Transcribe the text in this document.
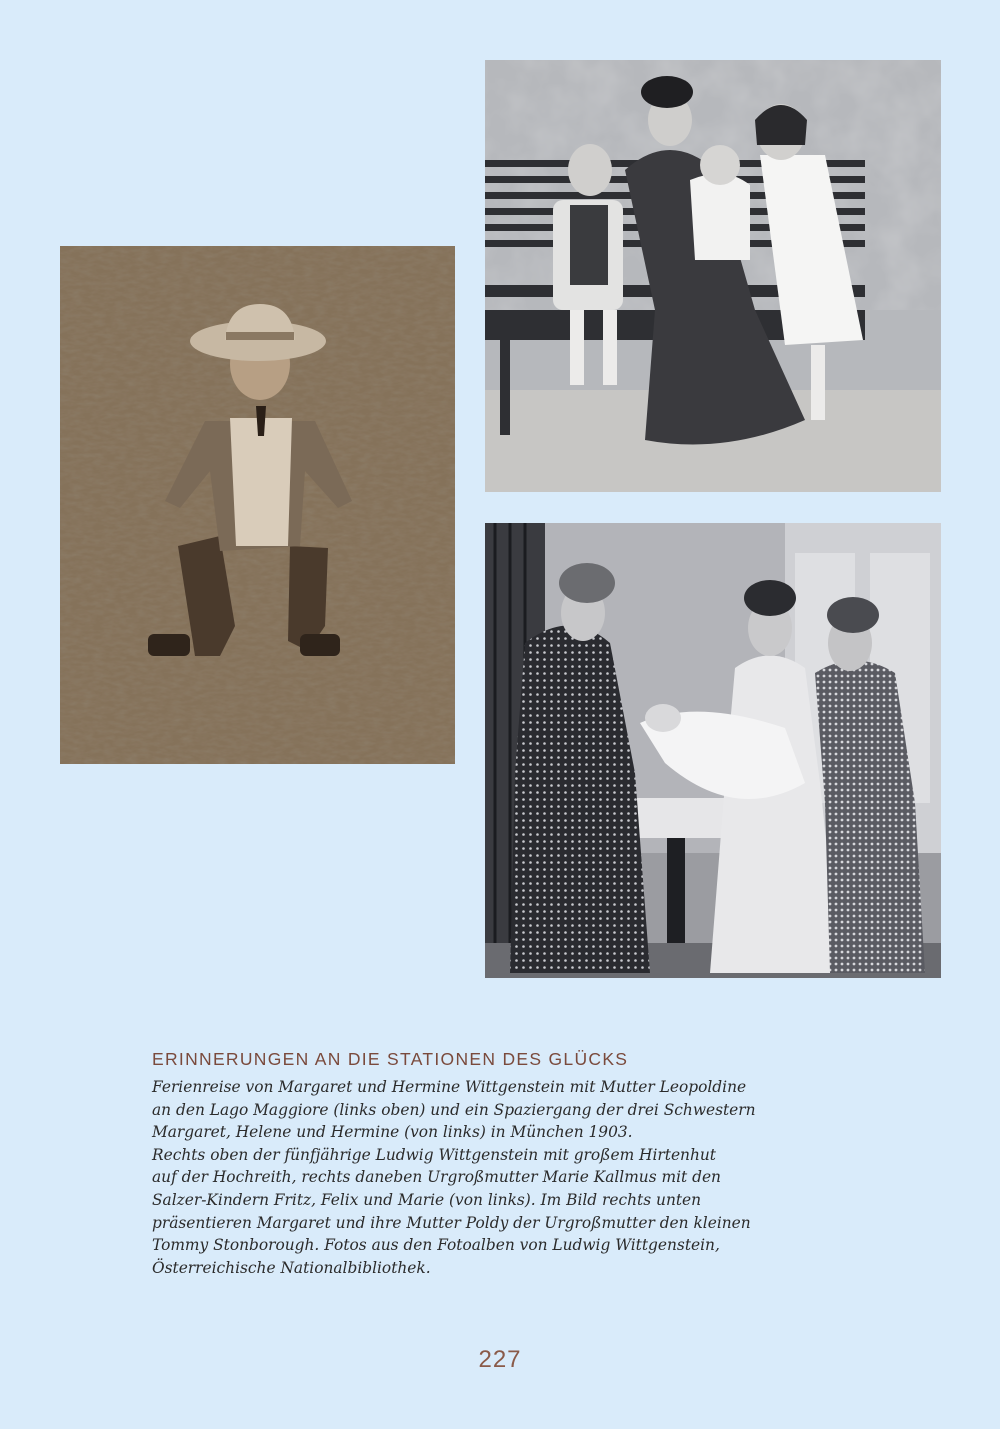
ERINNERUNGEN AN DIE STATIONEN DES GLÜCKS
Ferienreise von Margaret und Hermine Wittgenstein mit Mutter Leopoldine
an den Lago Maggiore (links oben) und ein Spaziergang der drei Schwestern
Margaret, Helene und Hermine (von links) in München 1903.
Rechts oben der fünfjährige Ludwig Wittgenstein mit großem Hirtenhut
auf der Hochreith, rechts daneben Urgroßmutter Marie Kallmus mit den
Salzer-Kindern Fritz, Felix und Marie (von links). Im Bild rechts unten
präsentieren Margaret und ihre Mutter Poldy der Urgroßmutter den kleinen
Tommy Stonborough. Fotos aus den Fotoalben von Ludwig Wittgenstein,
Österreichische Nationalbibliothek.
227
